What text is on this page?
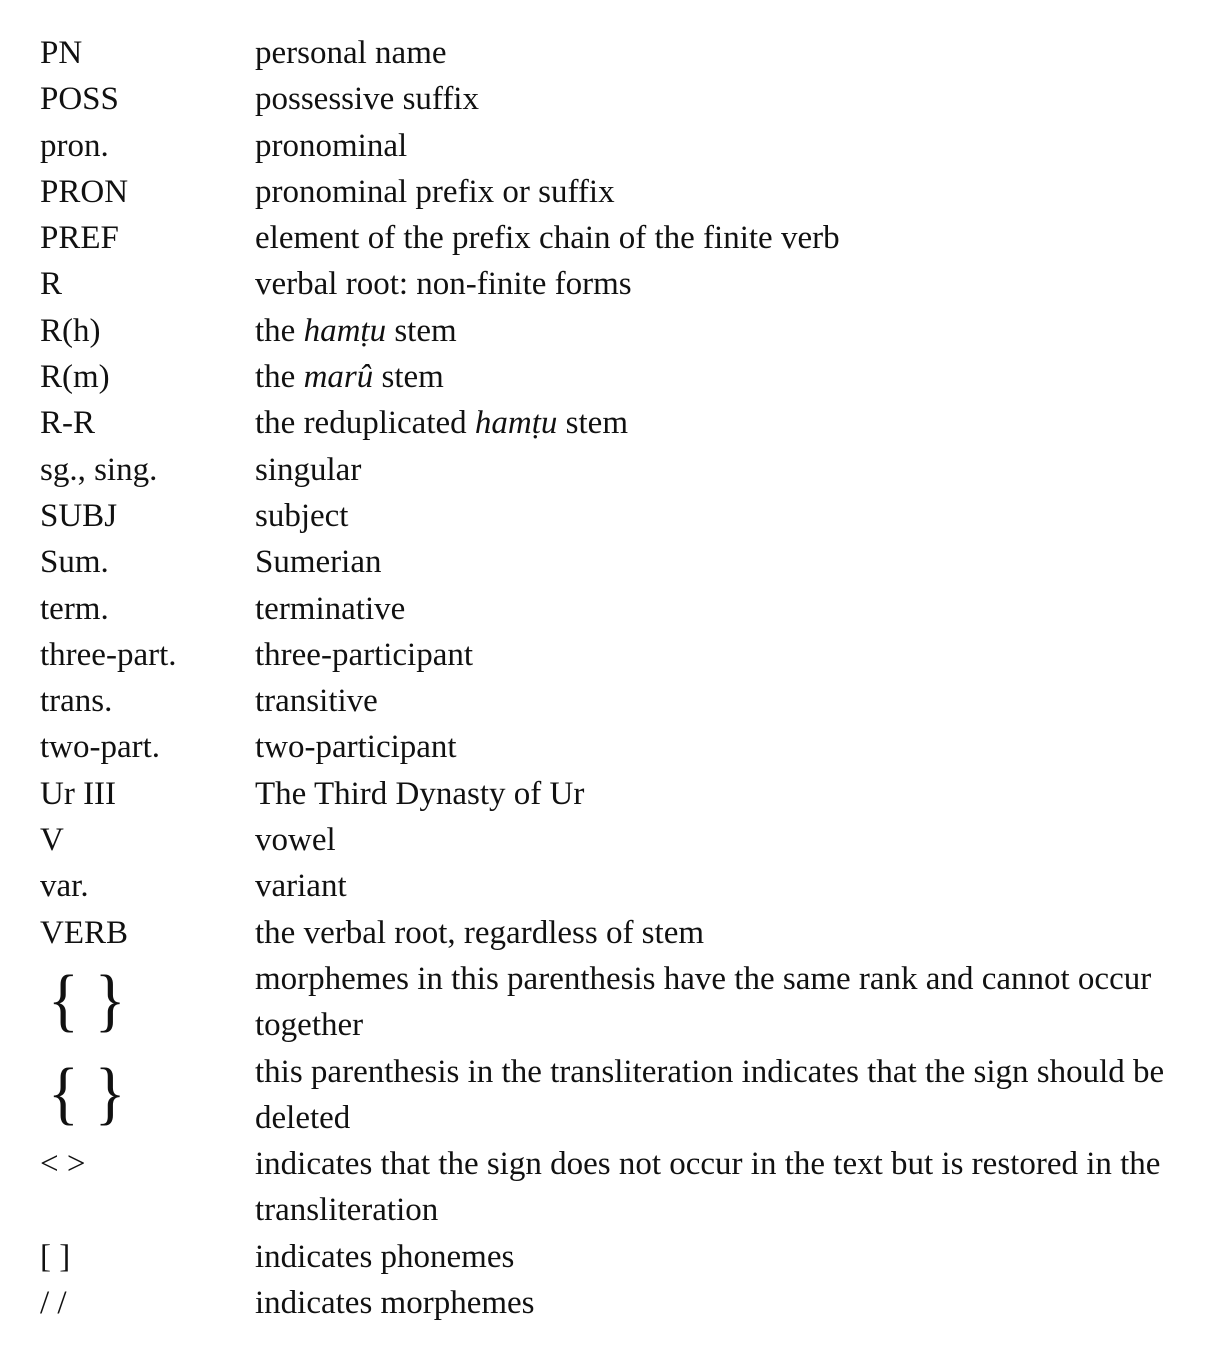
PN	personal name
POSS	possessive suffix
pron.	pronominal
PRON	pronominal prefix or suffix
PREF	element of the prefix chain of the finite verb
R	verbal root: non-finite forms
R(h)	the hamṭu stem
R(m)	the marû stem
R-R	the reduplicated hamṭu stem
sg., sing.	singular
SUBJ	subject
Sum.	Sumerian
term.	terminative
three-part.	three-participant
trans.	transitive
two-part.	two-participant
Ur III	The Third Dynasty of Ur
V	vowel
var.	variant
VERB	the verbal root, regardless of stem
{ }	morphemes in this parenthesis have the same rank and cannot occur together
{ }	this parenthesis in the transliteration indicates that the sign should be deleted
< >	indicates that the sign does not occur in the text but is restored in the transliteration
[ ]	indicates phonemes
/ /	indicates morphemes
